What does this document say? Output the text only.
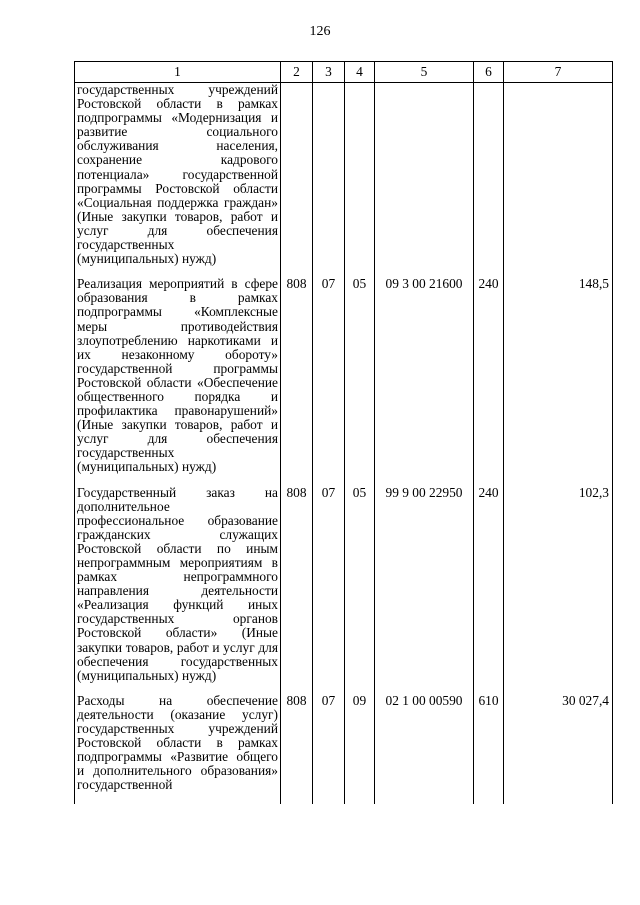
126
1	2	3	4	5	6	7
государственных учреждений Ростовской области в рамках подпрограммы «Модернизация и развитие социального обслуживания населения, сохранение кадрового потенциала» государственной программы Ростовской области «Социальная поддержка граждан» (Иные закупки товаров, работ и услуг для обеспечения государственных (муниципальных) нужд)						
Реализация мероприятий в сфере образования в рамках подпрограммы «Комплексные меры противодействия злоупотреблению наркотиками и их незаконному обороту» государственной программы Ростовской области «Обеспечение общественного порядка и профилактика правонарушений» (Иные закупки товаров, работ и услуг для обеспечения государственных (муниципальных) нужд)	808	07	05	09 3 00 21600	240	148,5
Государственный заказ на дополнительное профессиональное образование гражданских служащих Ростовской области по иным непрограммным мероприятиям в рамках непрограммного направления деятельности «Реализация функций иных государственных органов Ростовской области» (Иные закупки товаров, работ и услуг для обеспечения государственных (муниципальных) нужд)	808	07	05	99 9 00 22950	240	102,3
Расходы на обеспечение деятельности (оказание услуг) государственных учреждений Ростовской области в рамках подпрограммы «Развитие общего и дополнительного образования» государственной	808	07	09	02 1 00 00590	610	30 027,4
